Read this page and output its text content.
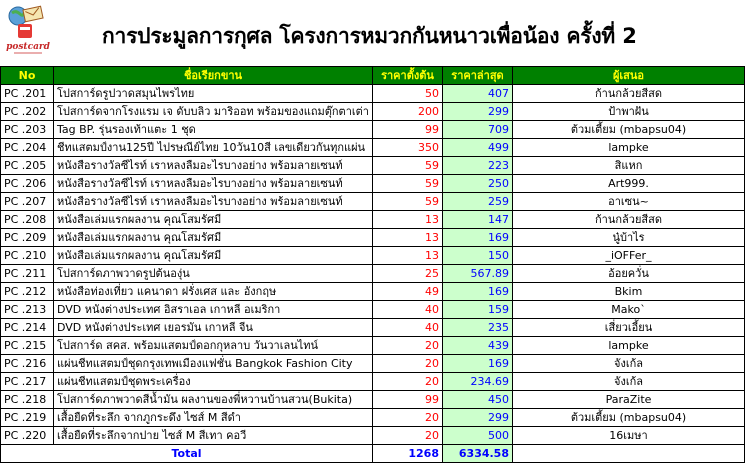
postcard การประมูลการกุศล โครงการหมวกกันหนาวเพื่อน้อง ครั้งที่ 2
No	ชื่อเรียกขาน	ราคาตั้งต้น	ราคาล่าสุด	ผู้เสนอ
PC .201	โปสการ์ดรูปวาดสมุนไพรไทย	50	407	ก้านกล้วยสีสด
PC .202	โปสการ์ดจากโรงแรม เจ ดับบลิว มาริออท พร้อมของแถมตุ๊กตาเต่า	200	299	ป้าพาฝัน
PC .203	Tag BP. รุ่นรองเท้าแตะ 1 ชุด	99	709	ต้วมเตี้ยม (mbapsu04)
PC .204	ชีทแสตมป์งาน125ปี ไปรษณีย์ไทย 10วัน10สี เลขเดียวกันทุกแผ่น	350	499	lampke
PC .205	หนังสือรางวัลซีไรท์ เราหลงลืมอะไรบางอย่าง พร้อมลายเซนท์	59	223	สิแหก
PC .206	หนังสือรางวัลซีไรท์ เราหลงลืมอะไรบางอย่าง พร้อมลายเซนท์	59	250	Art999.
PC .207	หนังสือรางวัลซีไรท์ เราหลงลืมอะไรบางอย่าง พร้อมลายเซนท์	59	259	อาเซน~
PC .208	หนังสือเล่มแรกผลงาน คุณโสมรัศมี	13	147	ก้านกล้วยสีสด
PC .209	หนังสือเล่มแรกผลงาน คุณโสมรัศมี	13	169	นู๋บ้าไร
PC .210	หนังสือเล่มแรกผลงาน คุณโสมรัศมี	13	150	_iOFFer_
PC .211	โปสการ์ดภาพวาดรูปต้นองุ่น	25	567.89	อ้อยควั่น
PC .212	หนังสือท่องเที่ยว แคนาดา ฝรั่งเศส และ อังกฤษ	49	169	Bkim
PC .213	DVD หนังต่างประเทศ อิสราเอล เกาหลี อเมริกา	40	159	Mako`
PC .214	DVD หนังต่างประเทศ เยอรมัน เกาหลี จีน	40	235	เสี่ยวเอี้ยน
PC .215	โปสการ์ด สคส. พร้อมแสตมป์ดอกกุหลาบ วันวาเลนไทน์	20	439	lampke
PC .216	แผ่นชีทแสตมป์ชุดกรุงเทพเมืองแฟชั่น Bangkok Fashion City	20	169	จังเก้ล
PC .217	แผ่นชีทแสตมป์ชุดพระเครื่อง	20	234.69	จังเก้ล
PC .218	โปสการ์ดภาพวาดสีน้ำมัน ผลงานของพี่หวานบ้านสวน(Bukita)	99	450	ParaZite
PC .219	เสื้อยืดที่ระลึก จากภูกระดึง ไซส์ M สีดำ	20	299	ต้วมเตี้ยม (mbapsu04)
PC .220	เสื้อยืดที่ระลึกจากปาย ไซส์ M สีเทา คอวี	20	500	16เมษา
Total		1268	6334.58	
